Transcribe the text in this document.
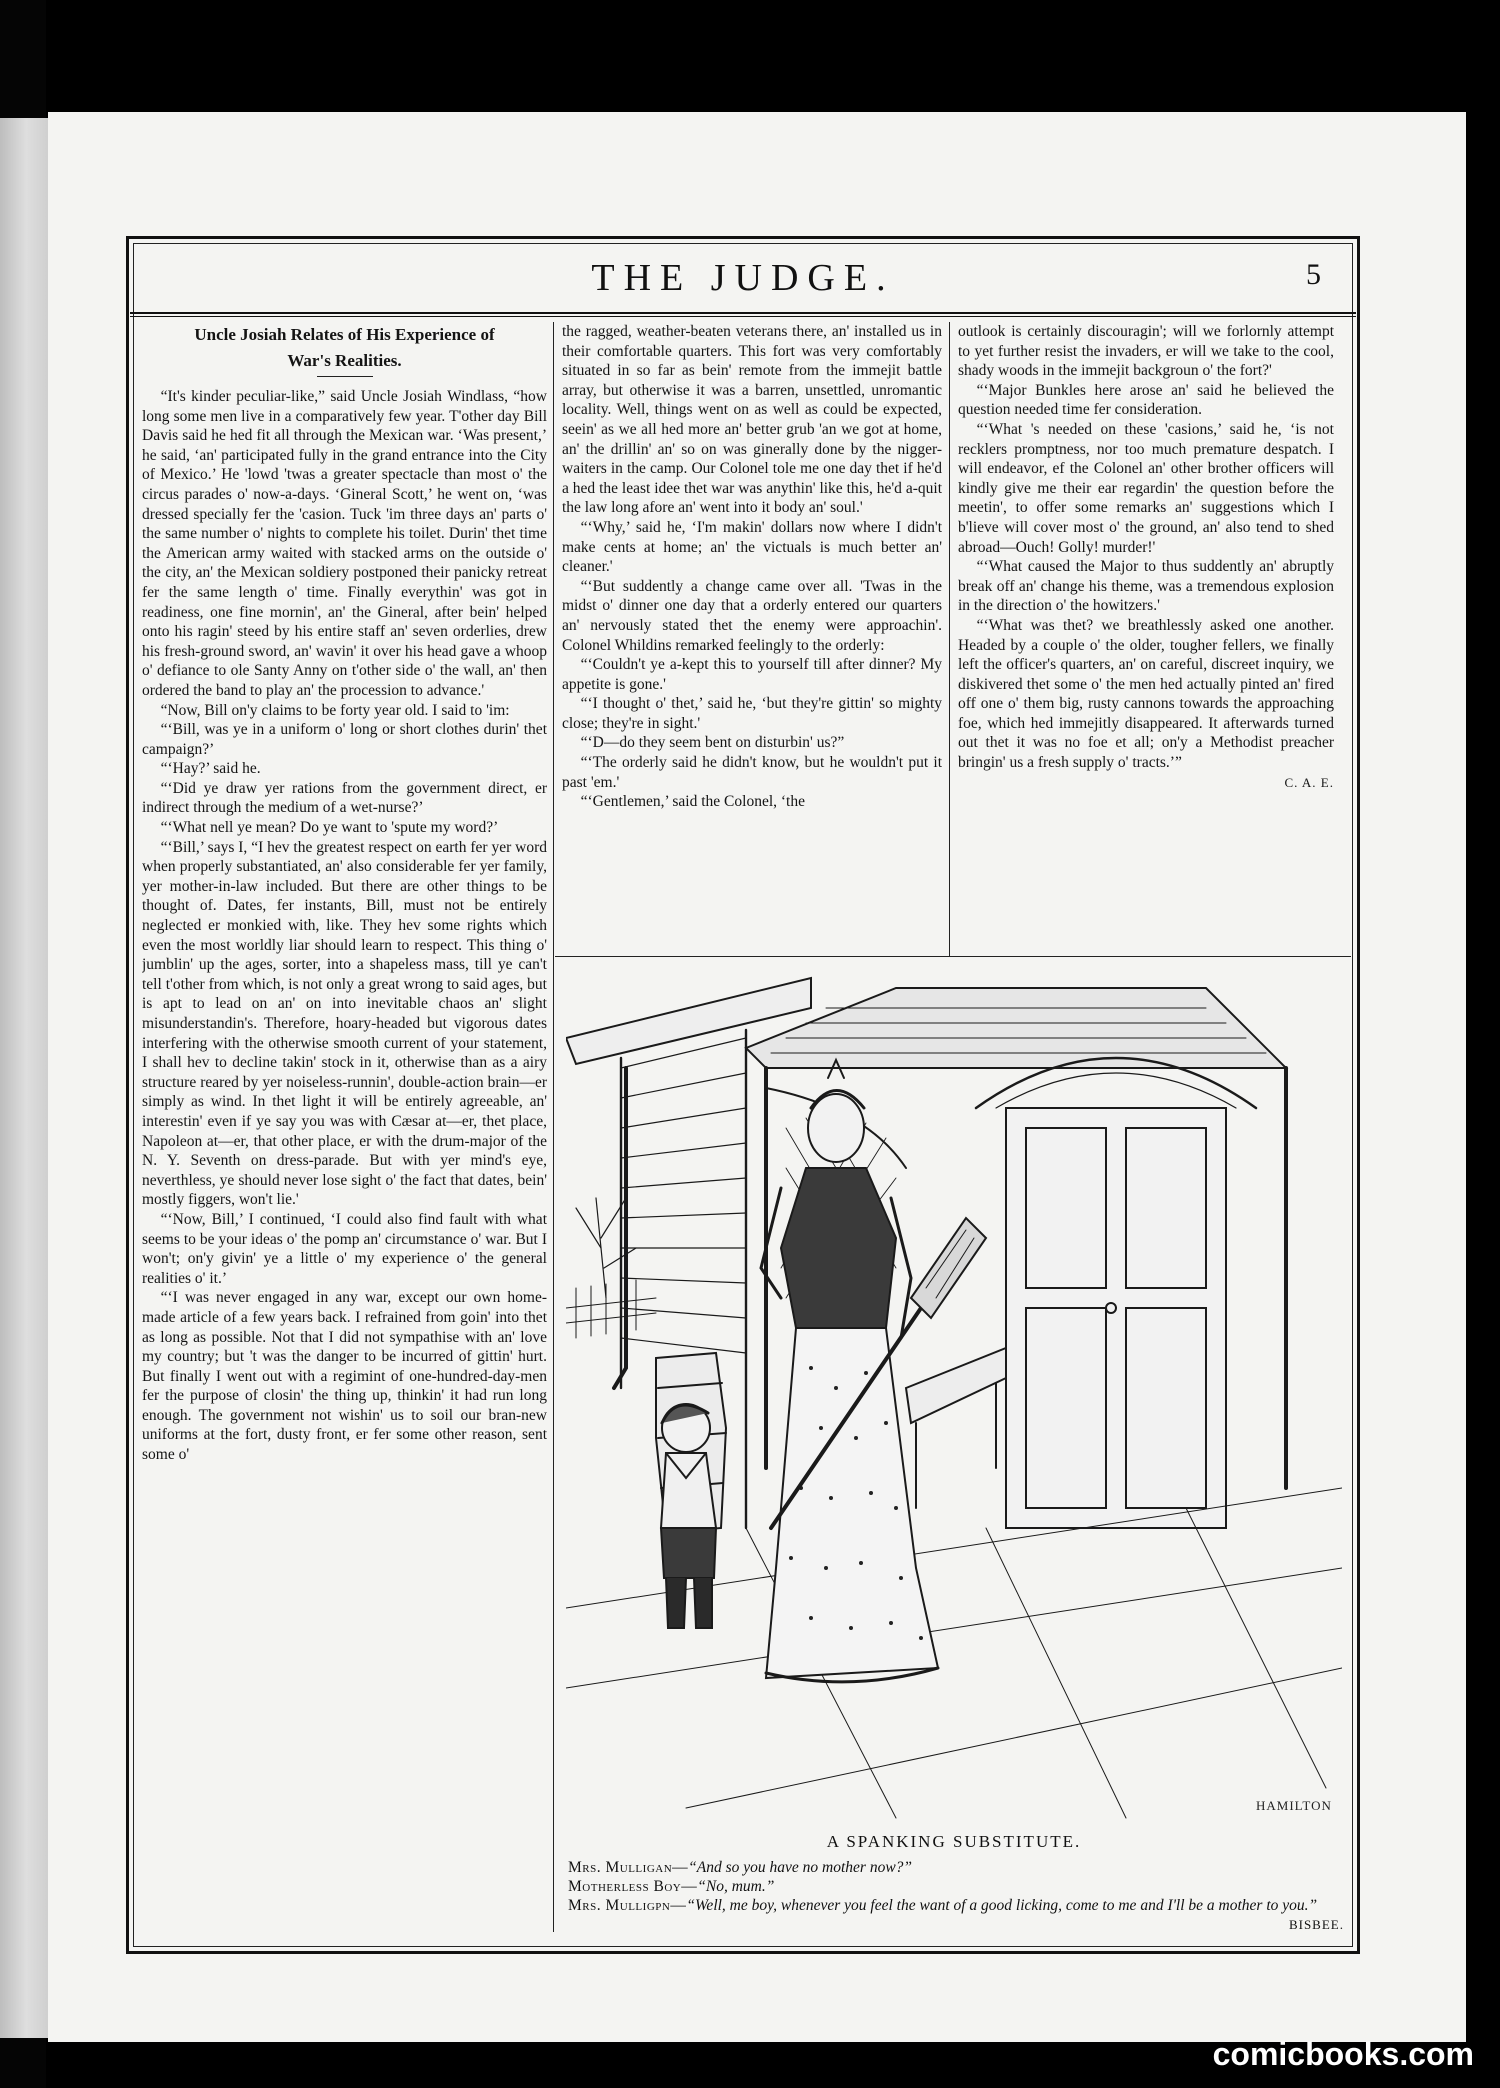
THE JUDGE.	5

Uncle Josiah Relates of His Experience of
War's Realities.

“It's kinder peculiar-like,” said Uncle Josiah Windlass, “how long some men live in a comparatively few year. T'other day Bill Davis said he hed fit all through the Mexican war. ‘Was present,’ he said, ‘an' participated fully in the grand entrance into the City of Mexico.’ He 'lowd 'twas a greater spectacle than most o' the circus parades o' now-a-days. ‘Gineral Scott,’ he went on, ‘was dressed specially fer the 'casion. Tuck 'im three days an' parts o' the same number o' nights to complete his toilet. Durin' thet time the American army waited with stacked arms on the outside o' the city, an' the Mexican soldiery postponed their panicky retreat fer the same length o' time. Finally everythin' was got in readiness, one fine mornin', an' the Gineral, after bein' helped onto his ragin' steed by his entire staff an' seven orderlies, drew his fresh-ground sword, an' wavin' it over his head gave a whoop o' defiance to ole Santy Anny on t'other side o' the wall, an' then ordered the band to play an' the procession to advance.'

“Now, Bill on'y claims to be forty year old. I said to 'im:

“‘Bill, was ye in a uniform o' long or short clothes durin' thet campaign?’

“‘Hay?’ said he.

“‘Did ye draw yer rations from the government direct, er indirect through the medium of a wet-nurse?’

“‘What nell ye mean? Do ye want to 'spute my word?’

“‘Bill,’ says I, “I hev the greatest respect on earth fer yer word when properly substantiated, an' also considerable fer yer family, yer mother-in-law included. But there are other things to be thought of. Dates, fer instants, Bill, must not be entirely neglected er monkied with, like. They hev some rights which even the most worldly liar should learn to respect. This thing o' jumblin' up the ages, sorter, into a shapeless mass, till ye can't tell t'other from which, is not only a great wrong to said ages, but is apt to lead on an' on into inevitable chaos an' slight misunderstandin's. Therefore, hoary-headed but vigorous dates interfering with the otherwise smooth current of your statement, I shall hev to decline takin' stock in it, otherwise than as a airy structure reared by yer noiseless-runnin', double-action brain—er simply as wind. In thet light it will be entirely agreeable, an' interestin' even if ye say you was with Cæsar at—er, thet place, Napoleon at—er, that other place, er with the drum-major of the N. Y. Seventh on dress-parade. But with yer mind's eye, neverthless, ye should never lose sight o' the fact that dates, bein' mostly figgers, won't lie.'

“‘Now, Bill,’ I continued, ‘I could also find fault with what seems to be your ideas o' the pomp an' circumstance o' war. But I won't; on'y givin' ye a little o' my experience o' the general realities o' it.’

“‘I was never engaged in any war, except our own home-made article of a few years back. I refrained from goin' into thet as long as possible. Not that I did not sympathise with an' love my country; but 't was the danger to be incurred of gittin' hurt. But finally I went out with a regimint of one-hundred-day-men fer the purpose of closin' the thing up, thinkin' it had run long enough. The government not wishin' us to soil our bran-new uniforms at the fort, dusty front, er fer some other reason, sent some o'

the ragged, weather-beaten veterans there, an' installed us in their comfortable quarters. This fort was very comfortably situated in so far as bein' remote from the immejit battle array, but otherwise it was a barren, unsettled, unromantic locality. Well, things went on as well as could be expected, seein' as we all hed more an' better grub 'an we got at home, an' the drillin' an' so on was ginerally done by the nigger-waiters in the camp. Our Colonel tole me one day thet if he'd a hed the least idee thet war was anythin' like this, he'd a-quit the law long afore an' went into it body an' soul.'

“‘Why,’ said he, ‘I'm makin' dollars now where I didn't make cents at home; an' the victuals is much better an' cleaner.'

“‘But suddently a change came over all. 'Twas in the midst o' dinner one day that a orderly entered our quarters an' nervously stated thet the enemy were approachin'. Colonel Whildins remarked feelingly to the orderly:

“‘Couldn't ye a-kept this to yourself till after dinner? My appetite is gone.'

“‘I thought o' thet,’ said he, ‘but they're gittin' so mighty close; they're in sight.'

“‘D—do they seem bent on disturbin' us?”

“‘The orderly said he didn't know, but he wouldn't put it past 'em.'

“‘Gentlemen,’ said the Colonel, ‘the

outlook is certainly discouragin'; will we forlornly attempt to yet further resist the invaders, er will we take to the cool, shady woods in the immejit backgroun o' the fort?'

“‘Major Bunkles here arose an' said he believed the question needed time fer consideration.

“‘What 's needed on these 'casions,’ said he, ‘is not recklers promptness, nor too much premature despatch. I will endeavor, ef the Colonel an' other brother officers will kindly give me their ear regardin' the question before the meetin', to offer some remarks an' suggestions which I b'lieve will cover most o' the ground, an' also tend to shed abroad—Ouch! Golly! murder!'

“‘What caused the Major to thus suddently an' abruptly break off an' change his theme, was a tremendous explosion in the direction o' the howitzers.'

“‘What was thet? we breathlessly asked one another. Headed by a couple o' the older, tougher fellers, we finally left the officer's quarters, an' on careful, discreet inquiry, we diskivered thet some o' the men hed actually pinted an' fired off one o' them big, rusty cannons towards the approaching foe, which hed immejitly disappeared. It afterwards turned out thet it was no foe et all; on'y a Methodist preacher bringin' us a fresh supply o' tracts.’”

C. A. E.

HAMILTON
A SPANKING SUBSTITUTE.
Mrs. Mulligan—“And so you have no mother now?”
Motherless Boy—“No, mum.”
Mrs. Mulligpn—“Well, me boy, whenever you feel the want of a good licking, come to me and I'll be a mother to you.”
BISBEE.
comicbooks.com
